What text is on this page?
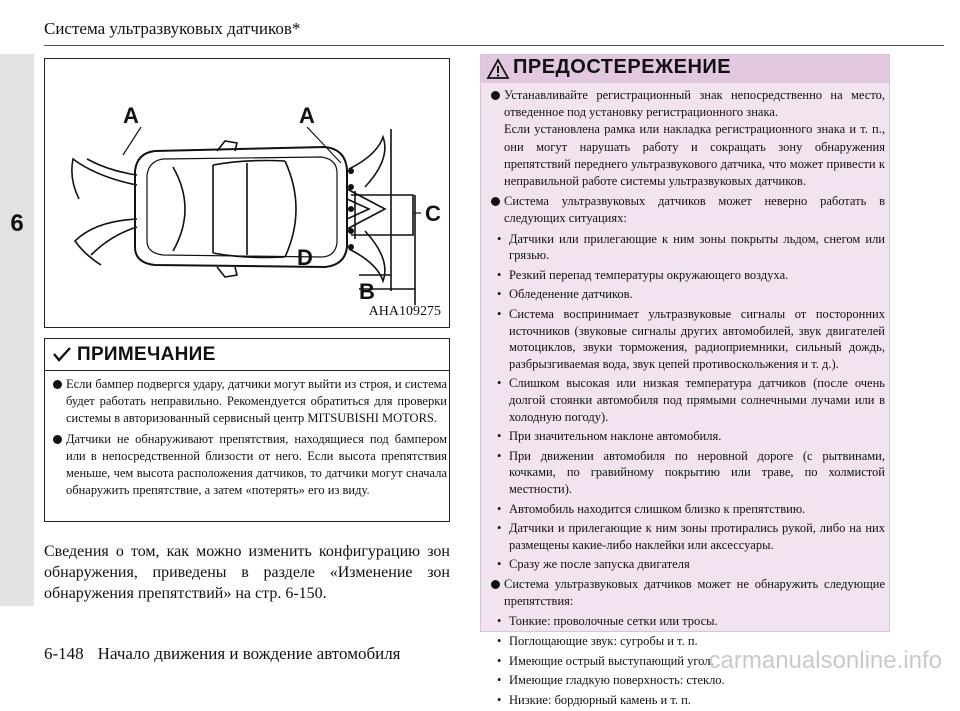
6
Система ультразвуковых датчиков*
A	A
C
D
B
AHA109275
ПРИМЕЧАНИЕ
Если бампер подвергся удару, датчики могут выйти из строя, и система будет работать неправильно. Рекомендуется обратиться для проверки системы в авторизованный сервисный центр MITSUBISHI MOTORS.
Датчики не обнаруживают препятствия, находящиеся под бампером или в непосредственной близости от него. Если высота препятствия меньше, чем высота расположения датчиков, то датчики могут сначала обнаружить препятствие, а затем «потерять» его из виду.
Сведения о том, как можно изменить конфигурацию зон обнаружения, приведены в разделе «Изменение зон обнаружения препятствий» на стр. 6-150.
ПРЕДОСТЕРЕЖЕНИЕ
Устанавливайте регистрационный знак непосредственно на место, отведенное под установку регистрационного знака.
Если установлена рамка или накладка регистрационного знака и т. п., они могут нарушать работу и сокращать зону обнаружения препятствий переднего ультразвукового датчика, что может привести к неправильной работе системы ультразвуковых датчиков.
Система ультразвуковых датчиков может неверно работать в следующих ситуациях:
• Датчики или прилегающие к ним зоны покрыты льдом, снегом или грязью.
• Резкий перепад температуры окружающего воздуха.
• Обледенение датчиков.
• Система воспринимает ультразвуковые сигналы от посторонних источников (звуковые сигналы других автомобилей, звук двигателей мотоциклов, звуки торможения, радиоприемники, сильный дождь, разбрызгиваемая вода, звук цепей противоскольжения и т. д.).
• Слишком высокая или низкая температура датчиков (после очень долгой стоянки автомобиля под прямыми солнечными лучами или в холодную погоду).
• При значительном наклоне автомобиля.
• При движении автомобиля по неровной дороге (с рытвинами, кочками, по гравийному покрытию или траве, по холмистой местности).
• Автомобиль находится слишком близко к препятствию.
• Датчики и прилегающие к ним зоны протирались рукой, либо на них размещены какие-либо наклейки или аксессуары.
• Сразу же после запуска двигателя
Система ультразвуковых датчиков может не обнаружить следующие препятствия:
• Тонкие: проволочные сетки или тросы.
• Поглощающие звук: сугробы и т. п.
• Имеющие острый выступающий угол.
• Имеющие гладкую поверхность: стекло.
• Низкие: бордюрный камень и т. п.
6-148 Начало движения и вождение автомобиля	carmanualsonline.info
